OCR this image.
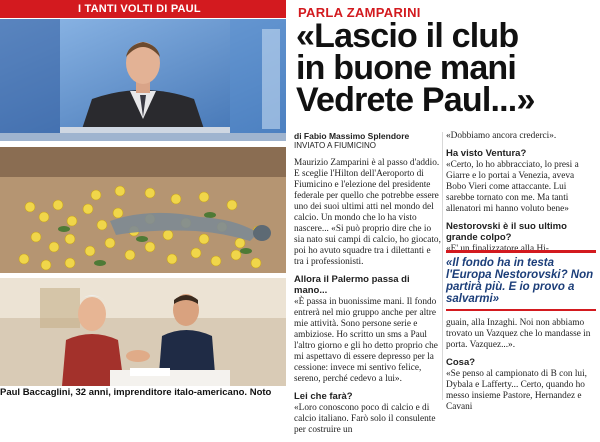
I TANTI VOLTI DI PAUL
Paul Baccaglini, 32 anni, imprenditore italo-americano. Noto
PARLA ZAMPARINI
«Lascio il club
in buone mani
Vedrete Paul...»
di Fabio Massimo Splendore
INVIATO A FIUMICINO

Maurizio Zamparini è al passo d'addio. E sceglie l'Hilton dell'Aeroporto di Fiumicino e l'elezione del presidente federale per quello che potrebbe essere uno dei suoi ultimi atti nel mondo del calcio. Un mondo che lo ha visto nascere... «Si può proprio dire che io sia nato sui campi di calcio, ho giocato, poi ho avuto squadre tra i dilettanti e tra i professionisti.

Allora il Palermo passa di mano...

«È passa in buonissime mani. Il fondo entrerà nel mio gruppo anche per altre mie attività. Sono persone serie e ambiziose. Ho scritto un sms a Paul l'altro giorno e gli ho detto proprio che mi aspettavo di essere depresso per la cessione: invece mi sentivo felice, sereno, perché cedevo a lui».

Lei che farà?

«Loro conoscono poco di calcio e di calcio italiano. Farò solo il consulente per costruire un

«Dobbiamo ancora crederci».

Ha visto Ventura?

«Certo, lo ho abbracciato, lo presi a Giarre e lo portai a Venezia, aveva Bobo Vieri come attaccante. Lui sarebbe tornato con me. Ma tanti allenatori mi hanno voluto bene»

Nestorovski è il suo ultimo grande colpo?

«E' un finalizzatore alla Hi-

«Il fondo ha in testa l'Europa Nestorovski? Non partirà più. E io provo a salvarmi»

guain, alla Inzaghi. Noi non abbiamo trovato un Vazquez che lo mandasse in porta. Vazquez...».

Cosa?

«Se penso al campionato di B con lui, Dybala e Lafferty... Certo, quando ho messo insieme Pastore, Hernandez e Cavani
